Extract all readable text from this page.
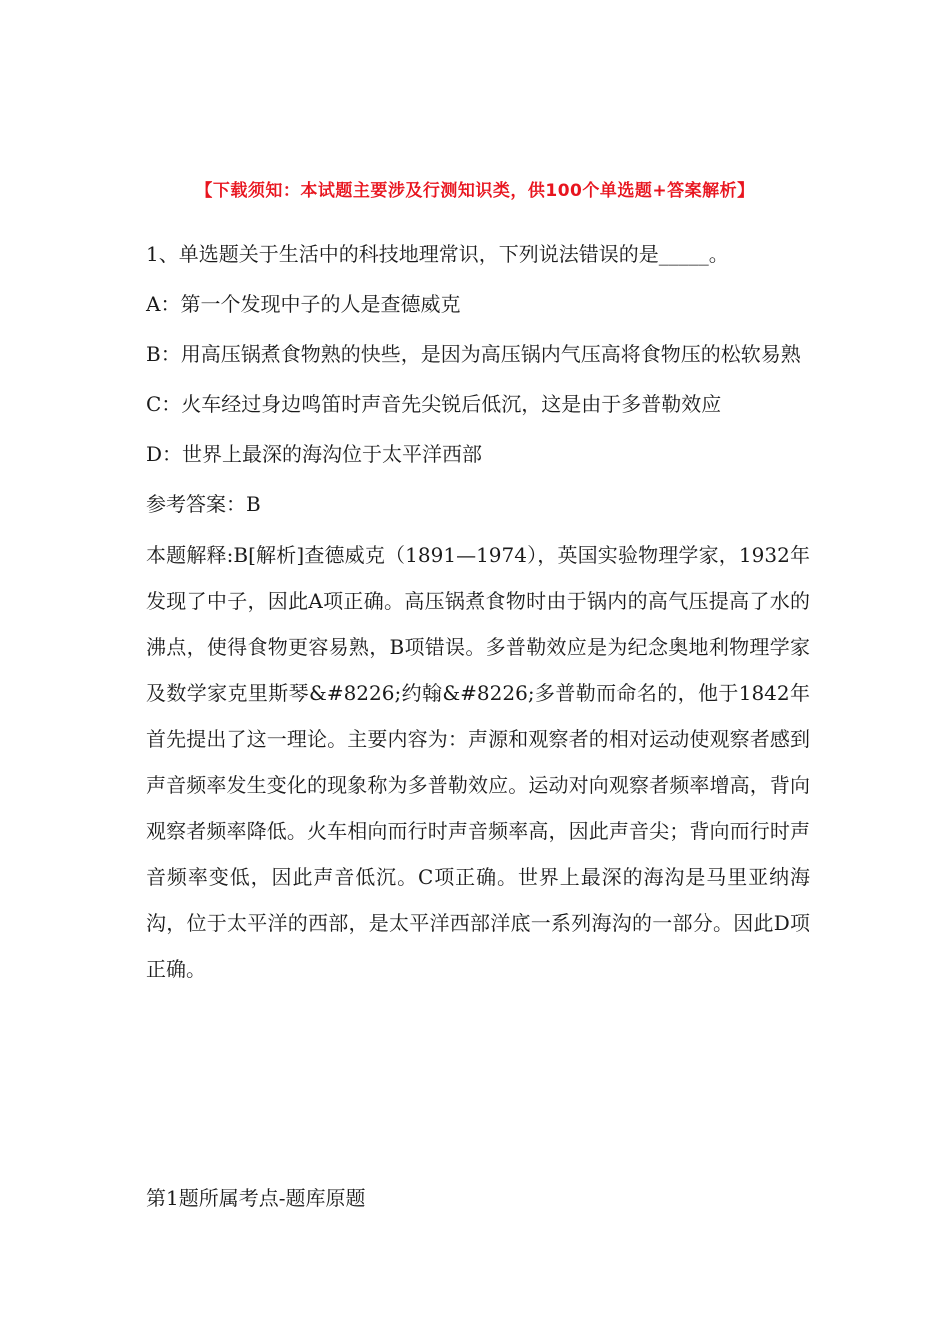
【下载须知：本试题主要涉及行测知识类，供100个单选题+答案解析】

1、单选题关于生活中的科技地理常识，下列说法错误的是_____。

A：第一个发现中子的人是查德威克

B：用高压锅煮食物熟的快些，是因为高压锅内气压高将食物压的松软易熟

C：火车经过身边鸣笛时声音先尖锐后低沉，这是由于多普勒效应

D：世界上最深的海沟位于太平洋西部

参考答案：B

本题解释:B[解析]查德威克（1891—1974），英国实验物理学家，1932年发现了中子，因此A项正确。高压锅煮食物时由于锅内的高气压提高了水的沸点，使得食物更容易熟，B项错误。多普勒效应是为纪念奥地利物理学家及数学家克里斯琴&#8226;约翰&#8226;多普勒而命名的，他于1842年首先提出了这一理论。主要内容为：声源和观察者的相对运动使观察者感到声音频率发生变化的现象称为多普勒效应。运动对向观察者频率增高，背向观察者频率降低。火车相向而行时声音频率高，因此声音尖；背向而行时声音频率变低，因此声音低沉。C项正确。世界上最深的海沟是马里亚纳海沟，位于太平洋的西部，是太平洋西部洋底一系列海沟的一部分。因此D项正确。

第1题所属考点-题库原题
